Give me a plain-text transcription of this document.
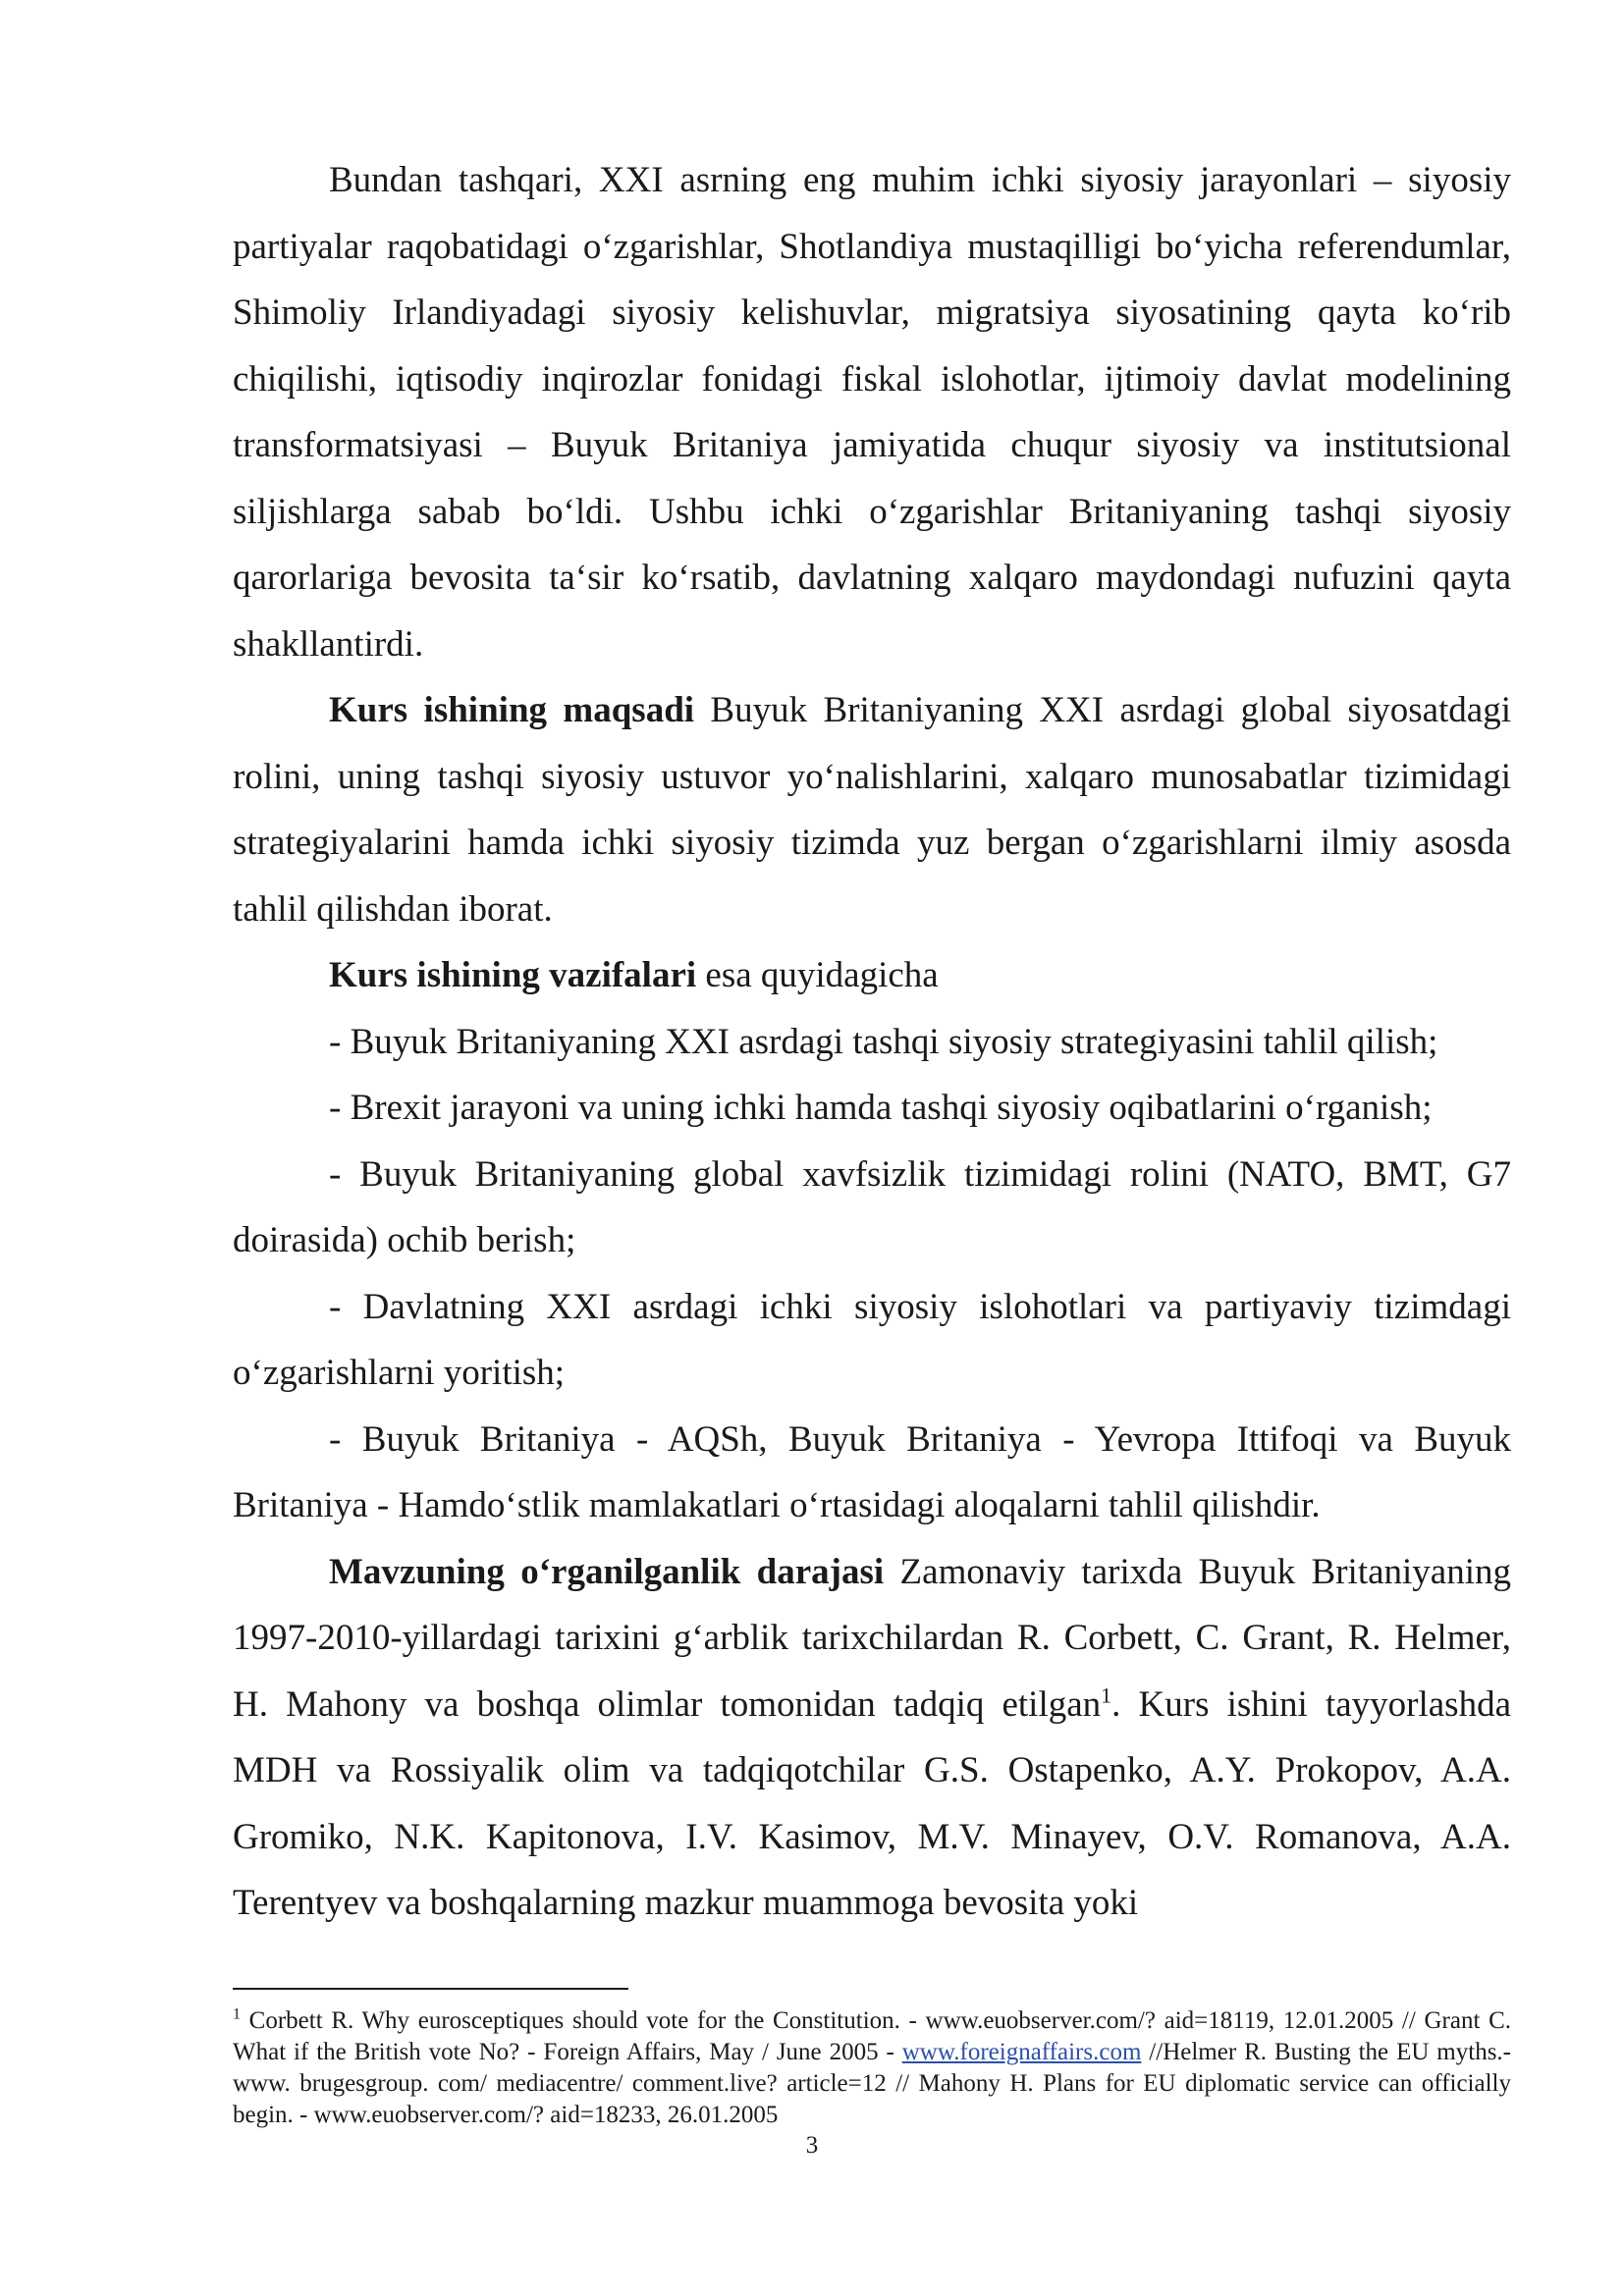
Bundan tashqari, XXI asrning eng muhim ichki siyosiy jarayonlari – siyosiy partiyalar raqobatidagi o‘zgarishlar, Shotlandiya mustaqilligi bo‘yicha referendumlar, Shimoliy Irlandiyadagi siyosiy kelishuvlar, migratsiya siyosatining qayta ko‘rib chiqilishi, iqtisodiy inqirozlar fonidagi fiskal islohotlar, ijtimoiy davlat modelining transformatsiyasi – Buyuk Britaniya jamiyatida chuqur siyosiy va institutsional siljishlarga sabab bo‘ldi. Ushbu ichki o‘zgarishlar Britaniyaning tashqi siyosiy qarorlariga bevosita ta‘sir ko‘rsatib, davlatning xalqaro maydondagi nufuzini qayta shakllantirdi.

Kurs ishining maqsadi Buyuk Britaniyaning XXI asrdagi global siyosatdagi rolini, uning tashqi siyosiy ustuvor yo‘nalishlarini, xalqaro munosabatlar tizimidagi strategiyalarini hamda ichki siyosiy tizimda yuz bergan o‘zgarishlarni ilmiy asosda tahlil qilishdan iborat.

Kurs ishining vazifalari esa quyidagicha

- Buyuk Britaniyaning XXI asrdagi tashqi siyosiy strategiyasini tahlil qilish;

- Brexit jarayoni va uning ichki hamda tashqi siyosiy oqibatlarini o‘rganish;

- Buyuk Britaniyaning global xavfsizlik tizimidagi rolini (NATO, BMT, G7 doirasida) ochib berish;

- Davlatning XXI asrdagi ichki siyosiy islohotlari va partiyaviy tizimdagi o‘zgarishlarni yoritish;

- Buyuk Britaniya - AQSh, Buyuk Britaniya - Yevropa Ittifoqi va Buyuk Britaniya - Hamdo‘stlik mamlakatlari o‘rtasidagi aloqalarni tahlil qilishdir.

Mavzuning o‘rganilganlik darajasi Zamonaviy tarixda Buyuk Britaniyaning 1997-2010-yillardagi tarixini g‘arblik tarixchilardan R. Corbett, C. Grant, R. Helmer, H. Mahony va boshqa olimlar tomonidan tadqiq etilgan$^1$. Kurs ishini tayyorlashda MDH va Rossiyalik olim va tadqiqotchilar G.S. Ostapenko, A.Y. Prokopov, A.A. Gromiko, N.K. Kapitonova, I.V. Kasimov, M.V. Minayev, O.V. Romanova, A.A. Terentyev va boshqalarning mazkur muammoga bevosita yoki

$^1$ Corbett R. Why eurosceptiques should vote for the Constitution. - www.euobserver.com/? aid=18119, 12.01.2005 // Grant C. What if the British vote No? - Foreign Affairs, May / June 2005 - www.foreignaffairs.com //Helmer R. Busting the EU myths.- www. brugesgroup. com/ mediacentre/ comment.live? article=12 // Mahony H. Plans for EU diplomatic service can officially begin. - www.euobserver.com/? aid=18233, 26.01.2005

3
